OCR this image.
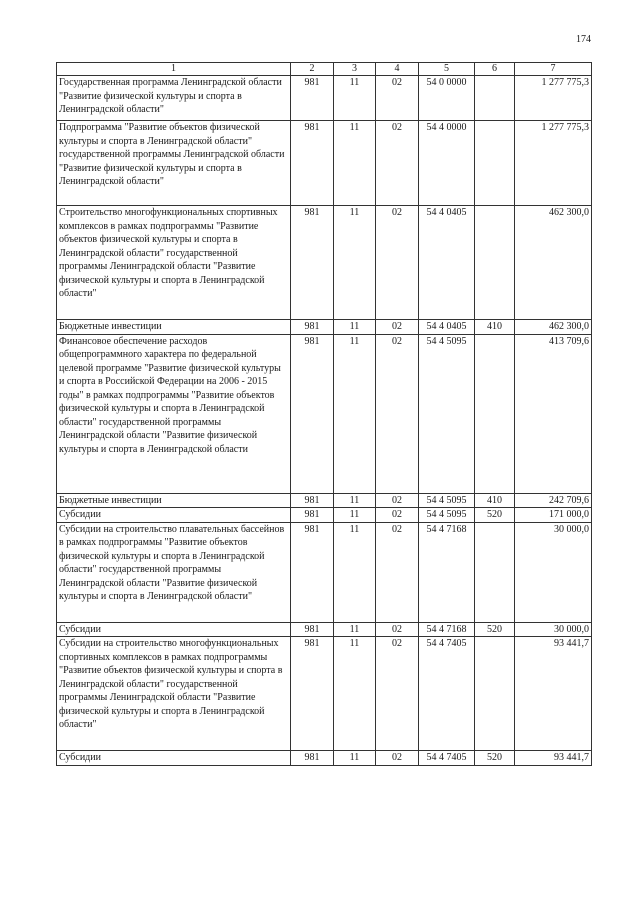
174
1	2	3	4	5	6	7
Государственная программа Ленинградской области "Развитие физической культуры и спорта в Ленинградской области"	981	11	02	54 0 0000		1 277 775,3
Подпрограмма "Развитие объектов физической культуры и спорта в Ленинградской области" государственной программы Ленинградской области "Развитие физической культуры и спорта в Ленинградской области"	981	11	02	54 4 0000		1 277 775,3
Строительство многофункциональных спортивных комплексов в рамках подпрограммы "Развитие объектов физической культуры и спорта в Ленинградской области" государственной программы Ленинградской области "Развитие физической культуры и спорта в Ленинградской области"	981	11	02	54 4 0405		462 300,0
Бюджетные инвестиции	981	11	02	54 4 0405	410	462 300,0
Финансовое обеспечение расходов общепрограммного характера по федеральной целевой программе "Развитие физической культуры и спорта в Российской Федерации на 2006 - 2015 годы" в рамках подпрограммы "Развитие объектов физической культуры и спорта в Ленинградской области" государственной программы Ленинградской области "Развитие физической культуры и спорта в Ленинградской области	981	11	02	54 4 5095		413 709,6
Бюджетные инвестиции	981	11	02	54 4 5095	410	242 709,6
Субсидии	981	11	02	54 4 5095	520	171 000,0
Субсидии на строительство плавательных бассейнов в рамках подпрограммы "Развитие объектов физической культуры и спорта в Ленинградской области" государственной программы Ленинградской области "Развитие физической культуры и спорта в Ленинградской области"	981	11	02	54 4 7168		30 000,0
Субсидии	981	11	02	54 4 7168	520	30 000,0
Субсидии на строительство многофункциональных спортивных комплексов в рамках подпрограммы "Развитие объектов физической культуры и спорта в Ленинградской области" государственной программы Ленинградской области "Развитие физической культуры и спорта в Ленинградской области"	981	11	02	54 4 7405		93 441,7
Субсидии	981	11	02	54 4 7405	520	93 441,7
